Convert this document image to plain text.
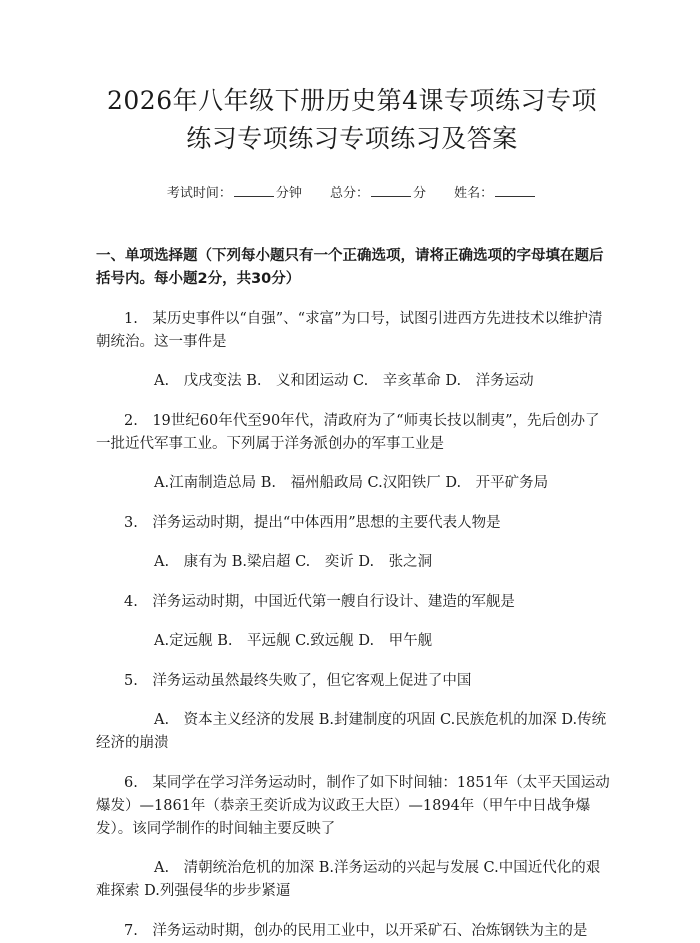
2026年八年级下册历史第4课专项练习专项
练习专项练习专项练习及答案
考试时间：	分钟 总分：	分 姓名：
一、单项选择题（下列每小题只有一个正确选项，请将正确选项的字母填在题后括号内。每小题2分，共30分）
1.　某历史事件以“自强”、“求富”为口号，试图引进西方先进技术以维护清朝统治。这一事件是
A.　戊戌变法 B.　义和团运动 C.　辛亥革命 D.　洋务运动
2.　19世纪60年代至90年代，清政府为了“师夷长技以制夷”，先后创办了一批近代军事工业。下列属于洋务派创办的军事工业是
A.江南制造总局 B.　福州船政局 C.汉阳铁厂 D.　开平矿务局
3.　洋务运动时期，提出“中体西用”思想的主要代表人物是
A.　康有为 B.梁启超 C.　奕䜣 D.　张之洞
4.　洋务运动时期，中国近代第一艘自行设计、建造的军舰是
A.定远舰 B.　平远舰 C.致远舰 D.　甲午舰
5.　洋务运动虽然最终失败了，但它客观上促进了中国
A.　资本主义经济的发展 B.封建制度的巩固 C.民族危机的加深 D.传统经济的崩溃
6.　某同学在学习洋务运动时，制作了如下时间轴：1851年（太平天国运动爆发）—1861年（恭亲王奕䜣成为议政王大臣）—1894年（甲午中日战争爆发）。该同学制作的时间轴主要反映了
A.　清朝统治危机的加深 B.洋务运动的兴起与发展 C.中国近代化的艰难探索 D.列强侵华的步步紧逼
7.　洋务运动时期，创办的民用工业中，以开采矿石、冶炼钢铁为主的是
